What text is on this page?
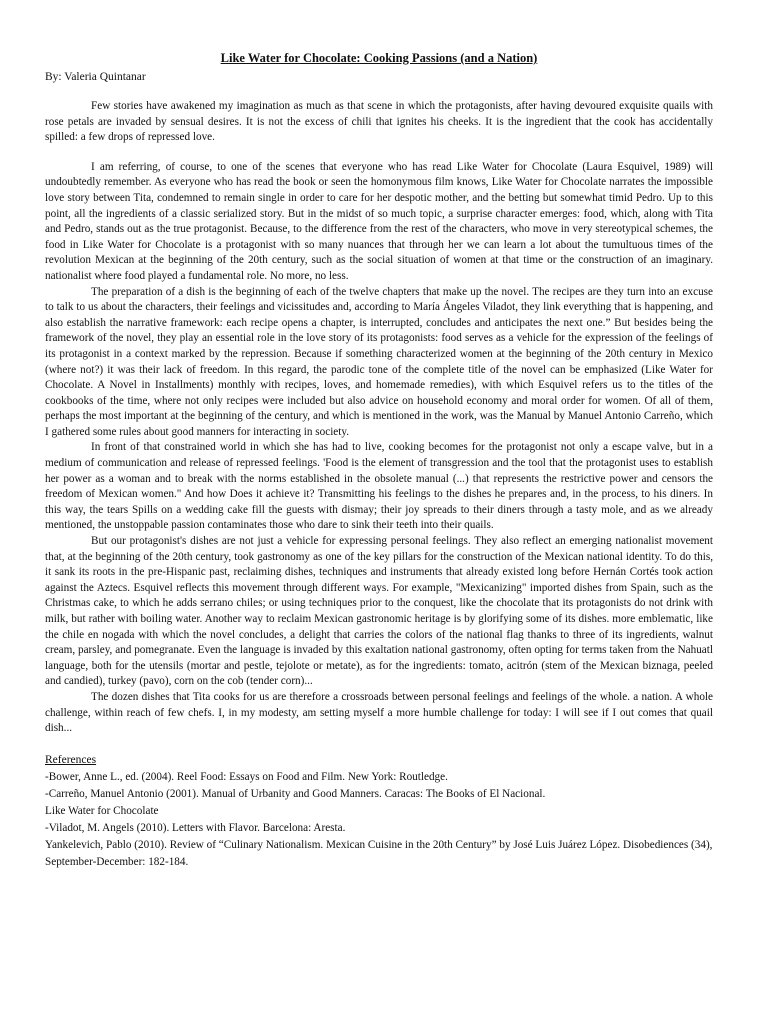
Like Water for Chocolate: Cooking Passions (and a Nation)

By: Valeria Quintanar

Few stories have awakened my imagination as much as that scene in which the protagonists, after having devoured exquisite quails with rose petals are invaded by sensual desires. It is not the excess of chili that ignites his cheeks. It is the ingredient that the cook has accidentally spilled: a few drops of repressed love.

I am referring, of course, to one of the scenes that everyone who has read Like Water for Chocolate (Laura Esquivel, 1989) will undoubtedly remember. As everyone who has read the book or seen the homonymous film knows, Like Water for Chocolate narrates the impossible love story between Tita, condemned to remain single in order to care for her despotic mother, and the betting but somewhat timid Pedro. Up to this point, all the ingredients of a classic serialized story. But in the midst of so much topic, a surprise character emerges: food, which, along with Tita and Pedro, stands out as the true protagonist. Because, to the difference from the rest of the characters, who move in very stereotypical schemes, the food in Like Water for Chocolate is a protagonist with so many nuances that through her we can learn a lot about the tumultuous times of the revolution Mexican at the beginning of the 20th century, such as the social situation of women at that time or the construction of an imaginary. nationalist where food played a fundamental role. No more, no less.

The preparation of a dish is the beginning of each of the twelve chapters that make up the novel. The recipes are they turn into an excuse to talk to us about the characters, their feelings and vicissitudes and, according to María Ángeles Viladot, they link everything that is happening, and also establish the narrative framework: each recipe opens a chapter, is interrupted, concludes and anticipates the next one.” But besides being the framework of the novel, they play an essential role in the love story of its protagonists: food serves as a vehicle for the expression of the feelings of its protagonist in a context marked by the repression. Because if something characterized women at the beginning of the 20th century in Mexico (where not?) it was their lack of freedom. In this regard, the parodic tone of the complete title of the novel can be emphasized (Like Water for Chocolate. A Novel in Installments) monthly with recipes, loves, and homemade remedies), with which Esquivel refers us to the titles of the cookbooks of the time, where not only recipes were included but also advice on household economy and moral order for women. Of all of them, perhaps the most important at the beginning of the century, and which is mentioned in the work, was the Manual by Manuel Antonio Carreño, which I gathered some rules about good manners for interacting in society.

In front of that constrained world in which she has had to live, cooking becomes for the protagonist not only a escape valve, but in a medium of communication and release of repressed feelings. 'Food is the element of transgression and the tool that the protagonist uses to establish her power as a woman and to break with the norms established in the obsolete manual (...) that represents the restrictive power and censors the freedom of Mexican women." And how Does it achieve it? Transmitting his feelings to the dishes he prepares and, in the process, to his diners. In this way, the tears Spills on a wedding cake fill the guests with dismay; their joy spreads to their diners through a tasty mole, and as we already mentioned, the unstoppable passion contaminates those who dare to sink their teeth into their quails.

But our protagonist's dishes are not just a vehicle for expressing personal feelings. They also reflect an emerging nationalist movement that, at the beginning of the 20th century, took gastronomy as one of the key pillars for the construction of the Mexican national identity. To do this, it sank its roots in the pre-Hispanic past, reclaiming dishes, techniques and instruments that already existed long before Hernán Cortés took action against the Aztecs. Esquivel reflects this movement through different ways. For example, "Mexicanizing" imported dishes from Spain, such as the Christmas cake, to which he adds serrano chiles; or using techniques prior to the conquest, like the chocolate that its protagonists do not drink with milk, but rather with boiling water. Another way to reclaim Mexican gastronomic heritage is by glorifying some of its dishes. more emblematic, like the chile en nogada with which the novel concludes, a delight that carries the colors of the national flag thanks to three of its ingredients, walnut cream, parsley, and pomegranate. Even the language is invaded by this exaltation national gastronomy, often opting for terms taken from the Nahuatl language, both for the utensils (mortar and pestle, tejolote or metate), as for the ingredients: tomato, acitrón (stem of the Mexican biznaga, peeled and candied), turkey (pavo), corn on the cob (tender corn)...

The dozen dishes that Tita cooks for us are therefore a crossroads between personal feelings and feelings of the whole. a nation. A whole challenge, within reach of few chefs. I, in my modesty, am setting myself a more humble challenge for today: I will see if I out comes that quail dish...

References

-Bower, Anne L., ed. (2004). Reel Food: Essays on Food and Film. New York: Routledge.

-Carreño, Manuel Antonio (2001). Manual of Urbanity and Good Manners. Caracas: The Books of El Nacional.

Like Water for Chocolate

-Viladot, M. Angels (2010). Letters with Flavor. Barcelona: Aresta.

Yankelevich, Pablo (2010). Review of “Culinary Nationalism. Mexican Cuisine in the 20th Century” by José Luis Juárez López. Disobediences (34), September-December: 182-184.
